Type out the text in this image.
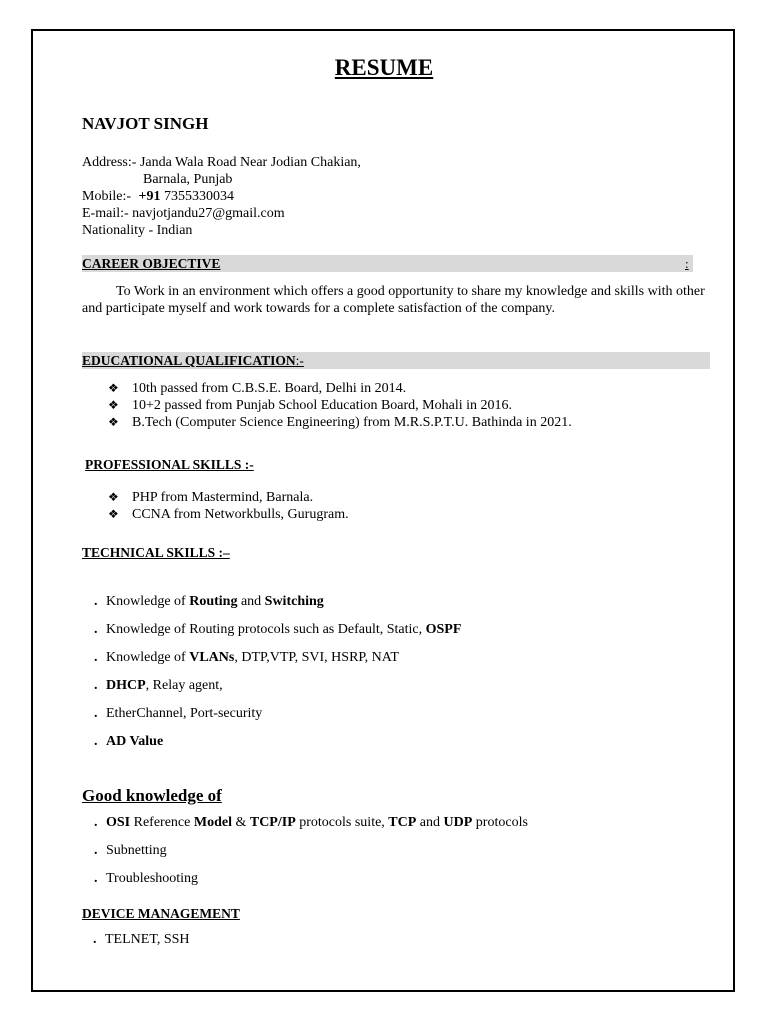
RESUME
NAVJOT SINGH
Address:- Janda Wala Road Near Jodian Chakian,
Barnala, Punjab
Mobile:- +91 7355330034
E-mail:- navjotjandu27@gmail.com
Nationality - Indian
CAREER OBJECTIVE	:
To Work in an environment which offers a good opportunity to share my knowledge and skills with other and participate myself and work towards for a complete satisfaction of the company.
EDUCATIONAL QUALIFICATION:-
❖ 10th passed from C.B.S.E. Board, Delhi in 2014.
❖ 10+2 passed from Punjab School Education Board, Mohali in 2016.
❖ B.Tech (Computer Science Engineering) from M.R.S.P.T.U. Bathinda in 2021.
PROFESSIONAL SKILLS :-
❖ PHP from Mastermind, Barnala.
❖ CCNA from Networkbulls, Gurugram.
TECHNICAL SKILLS :–
. Knowledge of Routing and Switching
. Knowledge of Routing protocols such as Default, Static, OSPF
. Knowledge of VLANs, DTP,VTP, SVI, HSRP, NAT
. DHCP, Relay agent,
. EtherChannel, Port-security
. AD Value
Good knowledge of
. OSI Reference Model & TCP/IP protocols suite, TCP and UDP protocols
. Subnetting
. Troubleshooting
DEVICE MANAGEMENT
. TELNET, SSH
